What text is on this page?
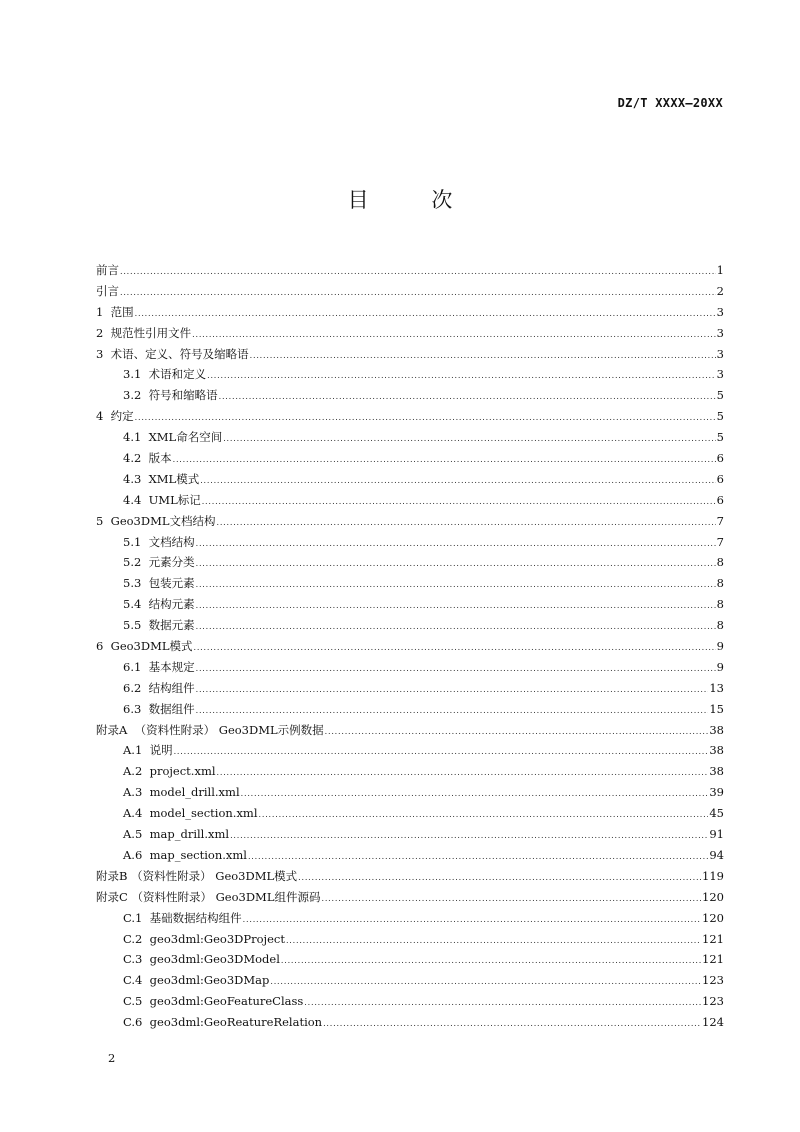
DZ/T XXXX—20XX
目 次
前言 .....	1
引言 .....	2
1  范围 .....	3
2  规范性引用文件 .....	3
3  术语、定义、符号及缩略语 .....	3
3.1  术语和定义 .....	3
3.2  符号和缩略语 .....	5
4  约定 .....	5
4.1  XML命名空间 .....	5
4.2  版本 .....	6
4.3  XML模式 .....	6
4.4  UML标记 .....	6
5  Geo3DML文档结构 .....	7
5.1  文档结构 .....	7
5.2  元素分类 .....	8
5.3  包装元素 .....	8
5.4  结构元素 .....	8
5.5  数据元素 .....	8
6  Geo3DML模式 .....	9
6.1  基本规定 .....	9
6.2  结构组件 .....	13
6.3  数据组件 .....	15
附录A  （资料性附录） Geo3DML示例数据 .....	38
A.1  说明 .....	38
A.2  project.xml .....	38
A.3  model_drill.xml .....	39
A.4  model_section.xml .....	45
A.5  map_drill.xml .....	91
A.6  map_section.xml .....	94
附录B （资料性附录） Geo3DML模式 .....	119
附录C （资料性附录） Geo3DML组件源码 .....	120
C.1  基础数据结构组件 .....	120
C.2  geo3dml:Geo3DProject .....	121
C.3  geo3dml:Geo3DModel .....	121
C.4  geo3dml:Geo3DMap .....	123
C.5  geo3dml:GeoFeatureClass .....	123
C.6  geo3dml:GeoReatureRelation .....	124
2
